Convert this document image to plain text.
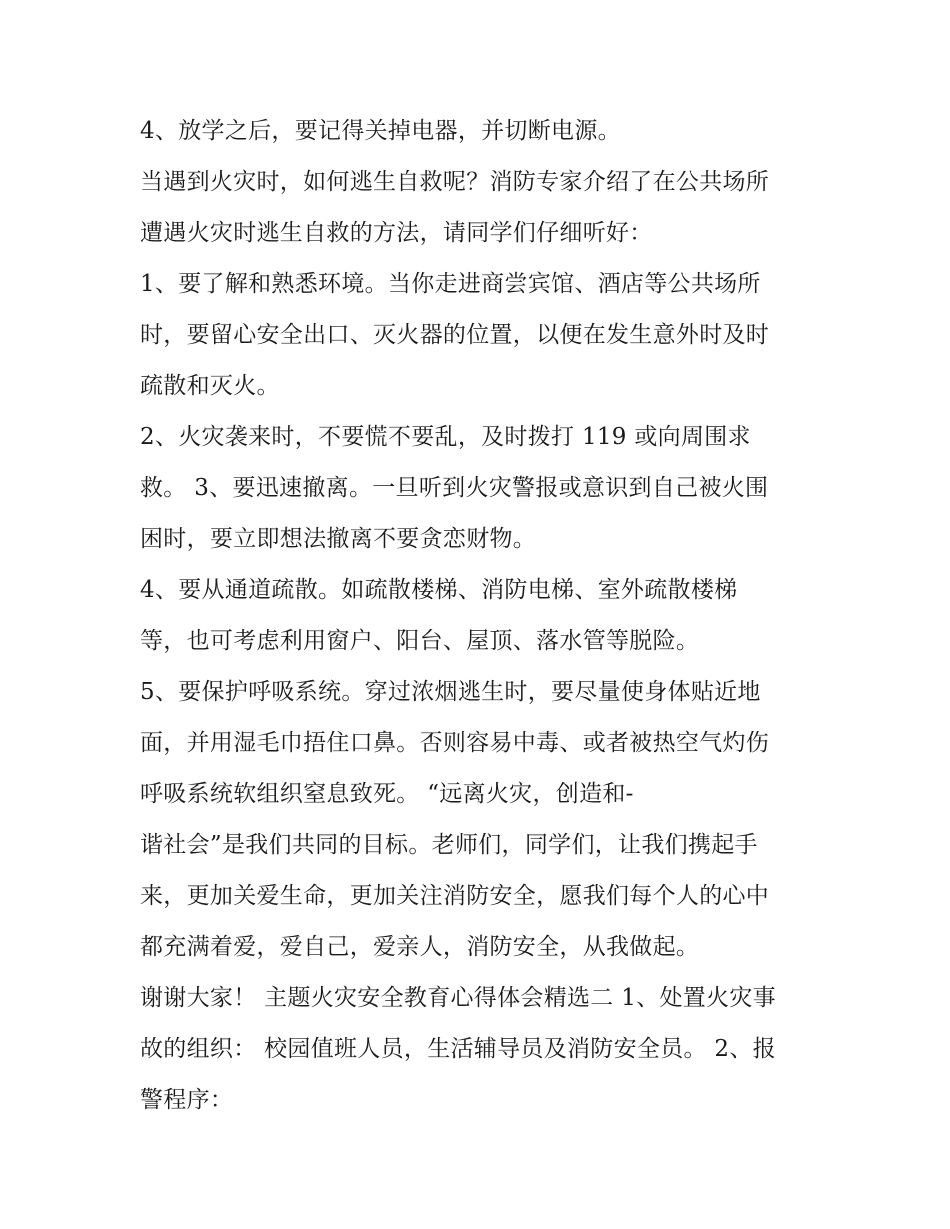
4、放学之后，要记得关掉电器，并切断电源。
当遇到火灾时，如何逃生自救呢？消防专家介绍了在公共场所
遭遇火灾时逃生自救的方法，请同学们仔细听好：
1、要了解和熟悉环境。当你走进商尝宾馆、酒店等公共场所
时，要留心安全出口、灭火器的位置，以便在发生意外时及时
疏散和灭火。
2、火灾袭来时，不要慌不要乱，及时拨打 119 或向周围求
救。 3、要迅速撤离。一旦听到火灾警报或意识到自己被火围
困时，要立即想法撤离不要贪恋财物。
4、要从通道疏散。如疏散楼梯、消防电梯、室外疏散楼梯
等，也可考虑利用窗户、阳台、屋顶、落水管等脱险。
5、要保护呼吸系统。穿过浓烟逃生时，要尽量使身体贴近地
面，并用湿毛巾捂住口鼻。否则容易中毒、或者被热空气灼伤
呼吸系统软组织窒息致死。 “远离火灾，创造和-
谐社会”是我们共同的目标。老师们，同学们，让我们携起手
来，更加关爱生命，更加关注消防安全，愿我们每个人的心中
都充满着爱，爱自己，爱亲人，消防安全，从我做起。
谢谢大家！ 主题火灾安全教育心得体会精选二 1、处置火灾事
故的组织： 校园值班人员，生活辅导员及消防安全员。 2、报
警程序：
